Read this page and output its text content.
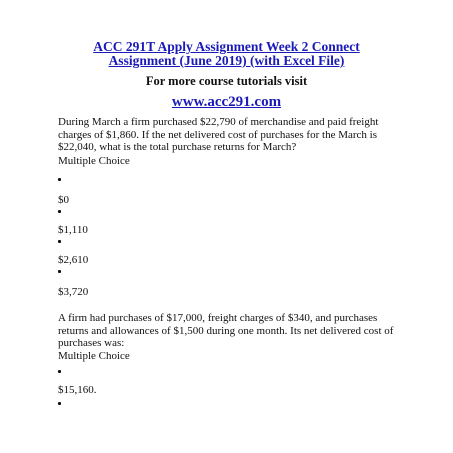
ACC 291T Apply Assignment Week 2 Connect
Assignment (June 2019) (with Excel File)
For more course tutorials visit
www.acc291.com

During March a firm purchased $22,790 of merchandise and paid freight charges of $1,860. If the net delivered cost of purchases for the March is $22,040, what is the total purchase returns for March?

Multiple Choice
$0
$1,110
$2,610
$3,720

A firm had purchases of $17,000, freight charges of $340, and purchases returns and allowances of $1,500 during one month. Its net delivered cost of purchases was:

Multiple Choice
$15,160.
